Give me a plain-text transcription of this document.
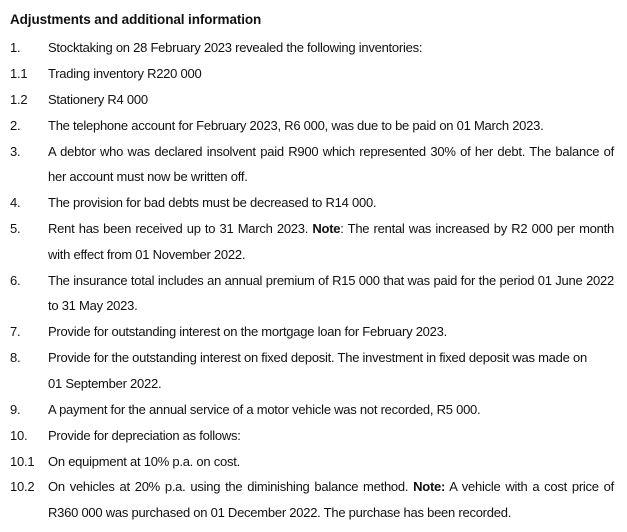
Adjustments and additional information
1. Stocktaking on 28 February 2023 revealed the following inventories:
1.1 Trading inventory R220 000
1.2 Stationery R4 000
2. The telephone account for February 2023, R6 000, was due to be paid on 01 March 2023.
3. A debtor who was declared insolvent paid R900 which represented 30% of her debt. The balance of
her account must now be written off.
4. The provision for bad debts must be decreased to R14 000.
5. Rent has been received up to 31 March 2023. Note: The rental was increased by R2 000 per month
with effect from 01 November 2022.
6. The insurance total includes an annual premium of R15 000 that was paid for the period 01 June 2022
to 31 May 2023.
7. Provide for outstanding interest on the mortgage loan for February 2023.
8. Provide for the outstanding interest on fixed deposit. The investment in fixed deposit was made on
01 September 2022.
9. A payment for the annual service of a motor vehicle was not recorded, R5 000.
10. Provide for depreciation as follows:
10.1 On equipment at 10% p.a. on cost.
10.2 On vehicles at 20% p.a. using the diminishing balance method. Note: A vehicle with a cost price of
R360 000 was purchased on 01 December 2022. The purchase has been recorded.
